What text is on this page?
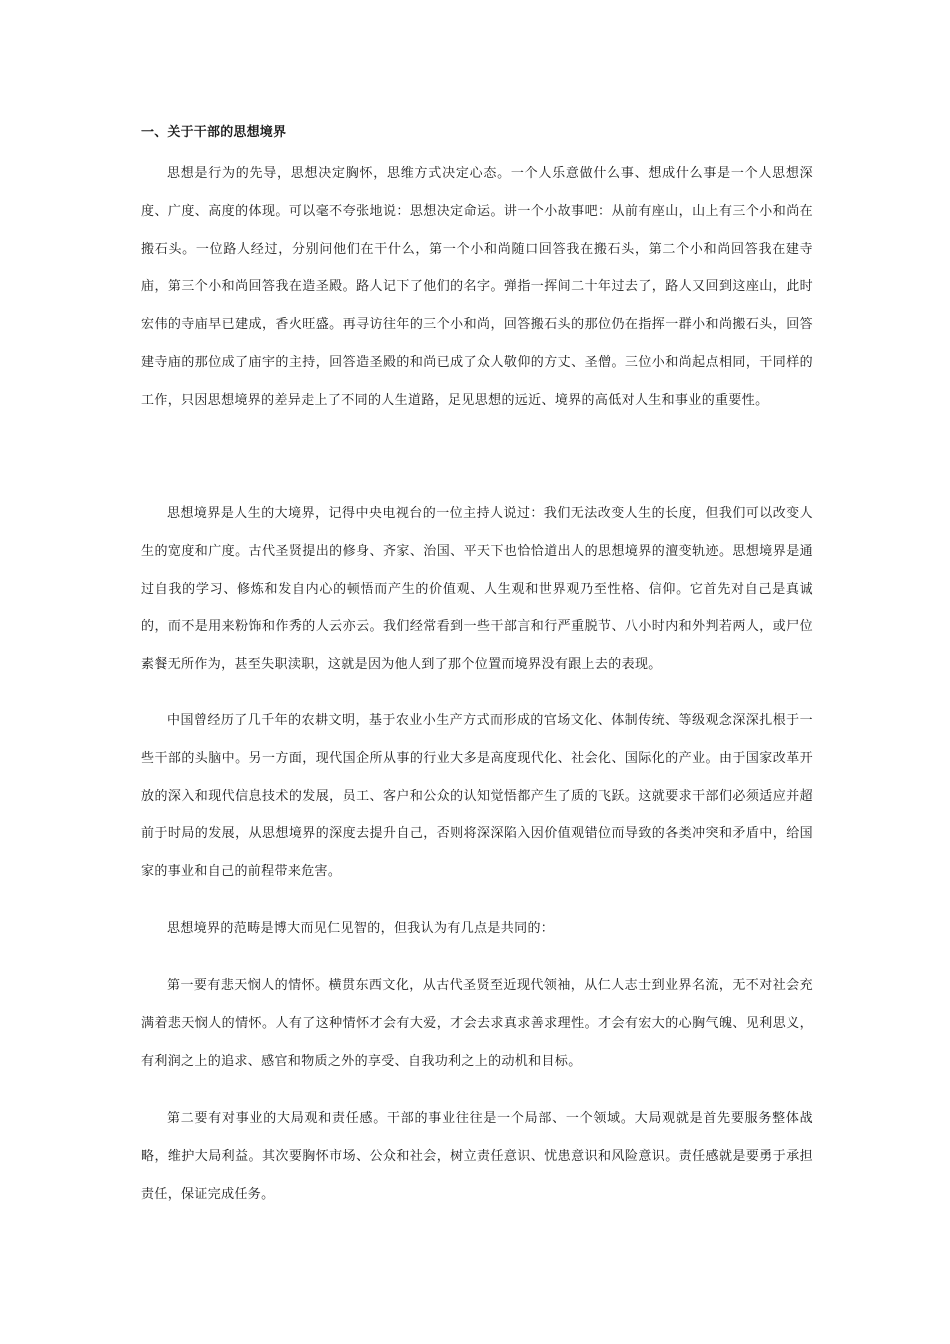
一、关于干部的思想境界

思想是行为的先导，思想决定胸怀，思维方式决定心态。一个人乐意做什么事、想成什么事是一个人思想深度、广度、高度的体现。可以毫不夸张地说：思想决定命运。讲一个小故事吧：从前有座山，山上有三个小和尚在搬石头。一位路人经过，分别问他们在干什么，第一个小和尚随口回答我在搬石头，第二个小和尚回答我在建寺庙，第三个小和尚回答我在造圣殿。路人记下了他们的名字。弹指一挥间二十年过去了，路人又回到这座山，此时宏伟的寺庙早已建成，香火旺盛。再寻访往年的三个小和尚，回答搬石头的那位仍在指挥一群小和尚搬石头，回答建寺庙的那位成了庙宇的主持，回答造圣殿的和尚已成了众人敬仰的方丈、圣僧。三位小和尚起点相同，干同样的工作，只因思想境界的差异走上了不同的人生道路，足见思想的远近、境界的高低对人生和事业的重要性。

思想境界是人生的大境界，记得中央电视台的一位主持人说过：我们无法改变人生的长度，但我们可以改变人生的宽度和广度。古代圣贤提出的修身、齐家、治国、平天下也恰恰道出人的思想境界的澶变轨迹。思想境界是通过自我的学习、修炼和发自内心的顿悟而产生的价值观、人生观和世界观乃至性格、信仰。它首先对自己是真诚的，而不是用来粉饰和作秀的人云亦云。我们经常看到一些干部言和行严重脱节、八小时内和外判若两人，或尸位素餐无所作为，甚至失职渎职，这就是因为他人到了那个位置而境界没有跟上去的表现。

中国曾经历了几千年的农耕文明，基于农业小生产方式而形成的官场文化、体制传统、等级观念深深扎根于一些干部的头脑中。另一方面，现代国企所从事的行业大多是高度现代化、社会化、国际化的产业。由于国家改革开放的深入和现代信息技术的发展，员工、客户和公众的认知觉悟都产生了质的飞跃。这就要求干部们必须适应并超前于时局的发展，从思想境界的深度去提升自己，否则将深深陷入因价值观错位而导致的各类冲突和矛盾中，给国家的事业和自己的前程带来危害。

思想境界的范畴是博大而见仁见智的，但我认为有几点是共同的：

第一要有悲天悯人的情怀。横贯东西文化，从古代圣贤至近现代领袖，从仁人志士到业界名流，无不对社会充满着悲天悯人的情怀。人有了这种情怀才会有大爱，才会去求真求善求理性。才会有宏大的心胸气魄、见利思义，有利润之上的追求、感官和物质之外的享受、自我功利之上的动机和目标。

第二要有对事业的大局观和责任感。干部的事业往往是一个局部、一个领域。大局观就是首先要服务整体战略，维护大局利益。其次要胸怀市场、公众和社会，树立责任意识、忧患意识和风险意识。责任感就是要勇于承担责任，保证完成任务。
